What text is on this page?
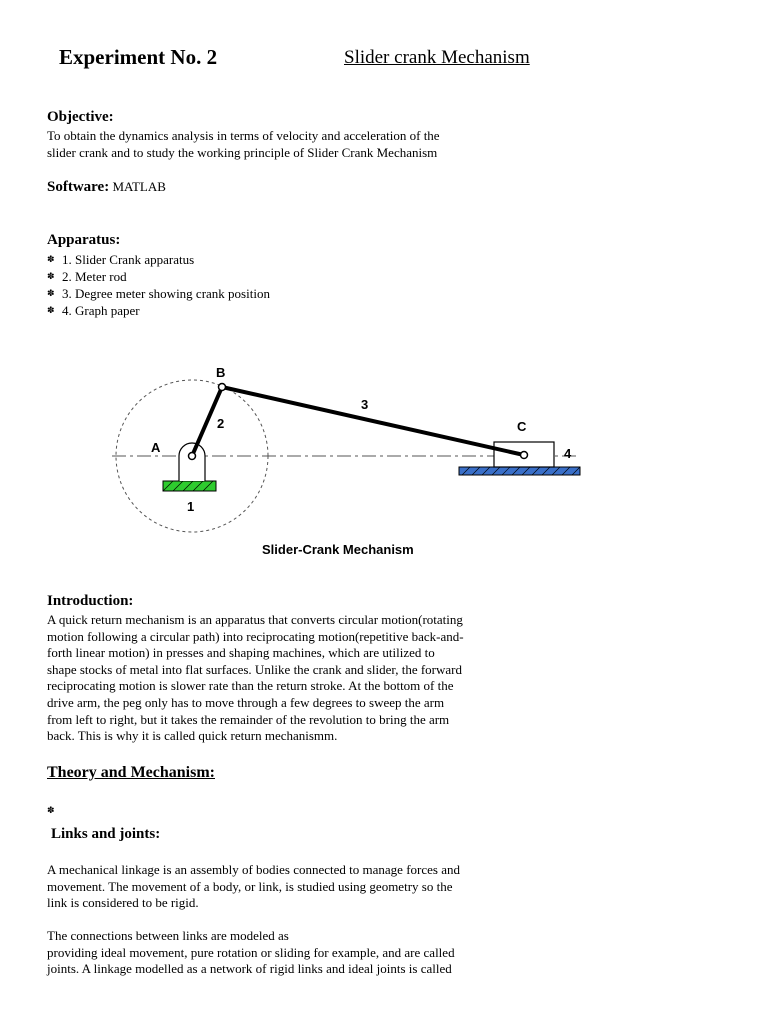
Experiment No. 2	Slider crank Mechanism
Objective:

To obtain the dynamics analysis in terms of velocity and acceleration of the

slider crank and to study the working principle of Slider Crank Mechanism

Software: MATLAB
Apparatus:
✽ 1. Slider Crank apparatus
✽ 2. Meter rod
✽ 3. Degree meter showing crank position
✽ 4. Graph paper
B
A
C
2
3
4
1
Slider-Crank Mechanism
Introduction:

A quick return mechanism is an apparatus that converts circular motion(rotating

motion following a circular path) into reciprocating motion(repetitive back-and-

forth linear motion) in presses and shaping machines, which are utilized to

shape stocks of metal into flat surfaces. Unlike the crank and slider, the forward

reciprocating motion is slower rate than the return stroke. At the bottom of the

drive arm, the peg only has to move through a few degrees to sweep the arm

from left to right, but it takes the remainder of the revolution to bring the arm

back. This is why it is called quick return mechanismm.

Theory and Mechanism:
✽
Links and joints:

A mechanical linkage is an assembly of bodies connected to manage forces and

movement. The movement of a body, or link, is studied using geometry so the

link is considered to be rigid.

The connections between links are modeled as

providing ideal movement, pure rotation or sliding for example, and are called

joints. A linkage modelled as a network of rigid links and ideal joints is called
